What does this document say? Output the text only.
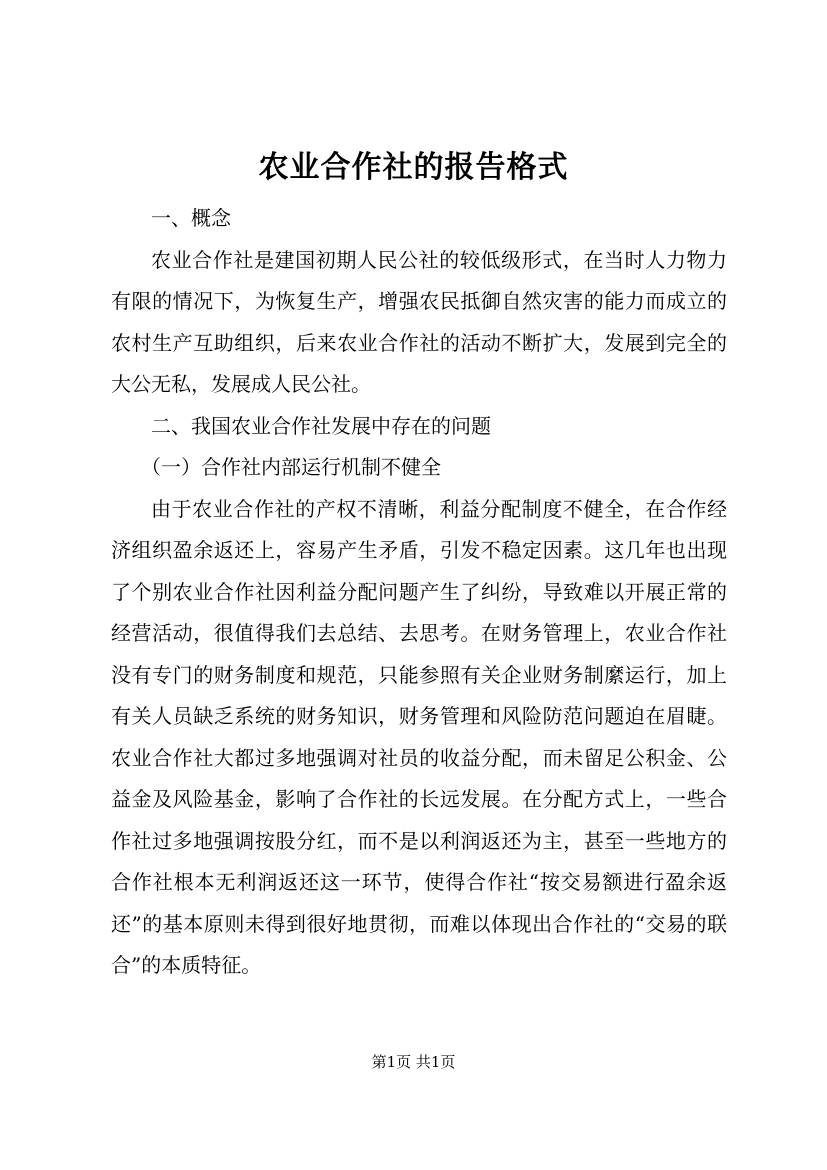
农业合作社的报告格式

一、概念

农业合作社是建国初期人民公社的较低级形式，在当时人力物力有限的情况下，为恢复生产，增强农民抵御自然灾害的能力而成立的农村生产互助组织，后来农业合作社的活动不断扩大，发展到完全的大公无私，发展成人民公社。

二、我国农业合作社发展中存在的问题

（一）合作社内部运行机制不健全

由于农业合作社的产权不清晰，利益分配制度不健全，在合作经济组织盈余返还上，容易产生矛盾，引发不稳定因素。这几年也出现了个别农业合作社因利益分配问题产生了纠纷，导致难以开展正常的经营活动，很值得我们去总结、去思考。在财务管理上，农业合作社没有专门的财务制度和规范，只能参照有关企业财务制縻运行，加上有关人员缺乏系统的财务知识，财务管理和风险防范问题迫在眉睫。农业合作社大都过多地强调对社员的收益分配，而未留足公积金、公益金及风险基金，影响了合作社的长远发展。在分配方式上，一些合作社过多地强调按股分红，而不是以利润返还为主，甚至一些地方的合作社根本无利润返还这一环节，使得合作社“按交易额进行盈余返还”的基本原则未得到很好地贯彻，而难以体现出合作社的“交易的联合”的本质特征。

第1页 共1页
